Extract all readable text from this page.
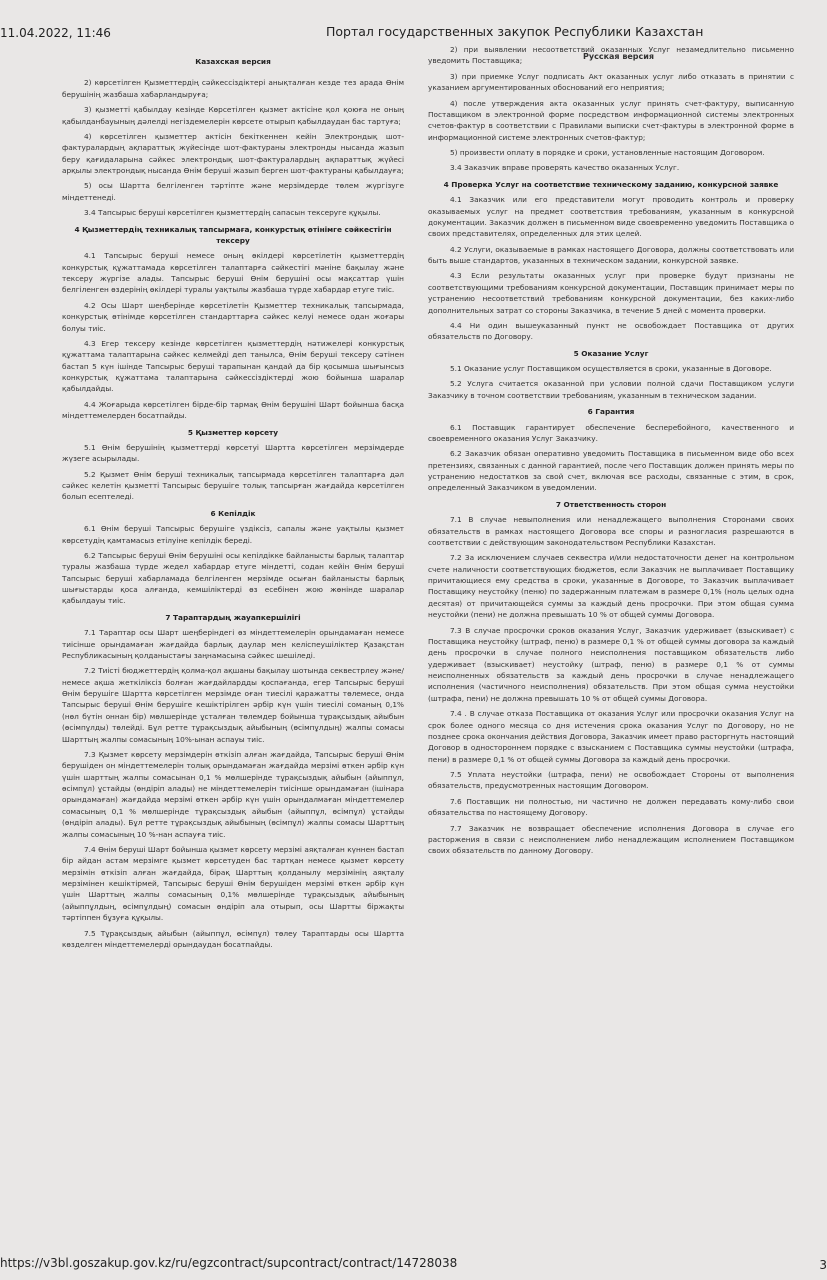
11.04.2022, 11:46	Портал государственных закупок Республики Казахстан
Казахская версия

2) көрсетілген Қызметтердің сәйкессіздіктері анықталған кезде тез арада Өнім берушінің жазбаша хабарландыруға;

3) қызметті қабылдау кезінде Көрсетілген қызмет актісіне қол қоюға не оның қабылданбауының дәлелді негіздемелерін көрсете отырып қабылдаудан бас тартуға;

4) көрсетілген қызметтер актісін бекіткеннен кейін Электрондық шот-фактуралардың ақпараттық жүйесінде шот-фактураны электронды нысанда жазып беру қағидаларына сәйкес электрондық шот-фактуралардың ақпараттық жүйесі арқылы электрондық нысанда Өнім беруші жазып берген шот-фактураны қабылдауға;

5) осы Шартта белгіленген тәртіпте және мерзімдерде төлем жүргізуге міндеттенеді.

3.4 Тапсырыс беруші көрсетілген қызметтердің сапасын тексеруге құқылы.

4 Қызметтердің техникалық тапсырмаға, конкурстық өтінімге сәйкестігін тексеру

4.1 Тапсырыс беруші немесе оның өкілдері көрсетілетін қызметтердің конкурстық құжаттамада көрсетілген талаптарға сәйкестігі мәніне бақылау және тексеру жүргізе алады. Тапсырыс беруші Өнім берушіні осы мақсаттар үшін белгіленген өздерінің өкілдері туралы уақтылы жазбаша түрде хабардар етуге тиіс.

4.2 Осы Шарт шеңберінде көрсетілетін Қызметтер техникалық тапсырмада, конкурстық өтінімде көрсетілген стандарттарға сәйкес келуі немесе одан жоғары болуы тиіс.

4.3 Егер тексеру кезінде көрсетілген қызметтердің нәтижелері конкурстық құжаттама талаптарына сәйкес келмейді деп танылса, Өнім беруші тексеру сәтінен бастап 5 күн ішінде Тапсырыс беруші тарапынан қандай да бір қосымша шығынсыз конкурстық құжаттама талаптарына сәйкессіздіктерді жою бойынша шаралар қабылдайды.

4.4 Жоғарыда көрсетілген бірде-бір тармақ Өнім берушіні Шарт бойынша басқа міндеттемелерден босатпайды.

5 Қызметтер көрсету

5.1 Өнім берушінің қызметтерді көрсетуі Шартта көрсетілген мерзімдерде жүзеге асырылады.

5.2 Қызмет Өнім беруші техникалық тапсырмада көрсетілген талаптарға дәл сәйкес келетін қызметті Тапсырыс берушіге толық тапсырған жағдайда көрсетілген болып есептеледі.

6 Кепілдік

6.1 Өнім беруші Тапсырыс берушіге үздіксіз, сапалы және уақтылы қызмет көрсетудің қамтамасыз етілуіне кепілдік береді.

6.2 Тапсырыс беруші Өнім берушіні осы кепілдікке байланысты барлық талаптар туралы жазбаша түрде жедел хабардар етуге міндетті, содан кейін Өнім беруші Тапсырыс беруші хабарламада белгіленген мерзімде осыған байланысты барлық шығыстарды қоса алғанда, кемшіліктерді өз есебінен жою жөнінде шаралар қабылдауы тиіс.

7 Тараптардың жауапкершілігі

7.1 Тараптар осы Шарт шеңберіндегі өз міндеттемелерін орындамаған немесе тиісінше орындамаған жағдайда барлық даулар мен келіспеушіліктер Қазақстан Республикасының қолданыстағы заңнамасына сәйкес шешіледі.

7.2 Тиісті бюджеттердің қолма-қол ақшаны бақылау шотында секвестрлеу және/немесе ақша жеткіліксіз болған жағдайлардды қоспағанда, егер Тапсырыс беруші Өнім берушіге Шартта көрсетілген мерзімде оған тиесілі қаражатты төлемесе, онда Тапсырыс беруші Өнім берушіге кешіктірілген әрбір күн үшін тиесілі соманың 0,1% (нөл бүтін оннан бір) мөлшерінде ұсталған төлемдер бойынша тұрақсыздық айыбын (өсімпұлды) төлейді. Бұл ретте тұрақсыздық айыбының (өсімпұлдың) жалпы сомасы Шарттың жалпы сомасының 10%-ынан аспауы тиіс.

7.3 Қызмет көрсету мерзімдерін өткізіп алған жағдайда, Тапсырыс беруші Өнім берушіден он міндеттемелерін толық орындамаған жағдайда мерзімі өткен әрбір күн үшін шарттың жалпы сомасынан 0,1 % мөлшерінде тұрақсыздық айыбын (айыппұл, өсімпұл) ұстайды (өндіріп алады) не міндеттемелерін тиісінше орындамаған (ішінара орындамаған) жағдайда мерзімі өткен әрбір күн үшін орындалмаған міндеттемелер сомасының 0,1 % мөлшерінде тұрақсыздық айыбын (айыппұл, өсімпұл) ұстайды (өндіріп алады). Бұл ретте тұрақсыздық айыбының (өсімпұл) жалпы сомасы Шарттың жалпы сомасының 10 %-нан аспауға тиіс.

7.4 Өнім беруші Шарт бойынша қызмет көрсету мерзімі аяқталған күннен бастап бір айдан астам мерзімге қызмет көрсетуден бас тартқан немесе қызмет көрсету мерзімін өткізіп алған жағдайда, бірақ Шарттың қолданылу мерзімінің аяқталу мерзімінен кешіктірмей, Тапсырыс беруші Өнім берушіден мерзімі өткен әрбір күн үшін Шарттың жалпы сомасының 0,1% мөлшерінде тұрақсыздық айыбының (айыппұлдың, өсімпұлдың) сомасын өндіріп ала отырып, осы Шартты біржақты тәртіппен бұзуға құқылы.

7.5 Тұрақсыздық айыбын (айыппұл, өсімпұл) төлеу Тараптарды осы Шартта көзделген міндеттемелерді орындаудан босатпайды.

Русская версия

2) при выявлении несоответствий оказанных Услуг незамедлительно письменно уведомить Поставщика;

3) при приемке Услуг подписать Акт оказанных услуг либо отказать в принятии с указанием аргументированных обоснований его неприятия;

4) после утверждения акта оказанных услуг принять счет-фактуру, выписанную Поставщиком в электронной форме посредством информационной системы электронных счетов-фактур в соответствии с Правилами выписки счет-фактуры в электронной форме в информационной системе электронных счетов-фактур;

5) произвести оплату в порядке и сроки, установленные настоящим Договором.

3.4 Заказчик вправе проверять качество оказанных Услуг.

4 Проверка Услуг на соответствие техническому заданию, конкурсной заявке

4.1 Заказчик или его представители могут проводить контроль и проверку оказываемых услуг на предмет соответствия требованиям, указанным в конкурсной документации. Заказчик должен в письменном виде своевременно уведомить Поставщика о своих представителях, определенных для этих целей.

4.2 Услуги, оказываемые в рамках настоящего Договора, должны соответствовать или быть выше стандартов, указанных в техническом задании, конкурсной заявке.

4.3 Если результаты оказанных услуг при проверке будут признаны не соответствующими требованиям конкурсной документации, Поставщик принимает меры по устранению несоответствий требованиям конкурсной документации, без каких-либо дополнительных затрат со стороны Заказчика, в течение 5 дней с момента проверки.

4.4 Ни один вышеуказанный пункт не освобождает Поставщика от других обязательств по Договору.

5 Оказание Услуг

5.1 Оказание услуг Поставщиком осуществляется в сроки, указанные в Договоре.

5.2 Услуга считается оказанной при условии полной сдачи Поставщиком услуги Заказчику в точном соответствии требованиям, указанным в техническом задании.

6 Гарантия

6.1 Поставщик гарантирует обеспечение бесперебойного, качественного и своевременного оказания Услуг Заказчику.

6.2 Заказчик обязан оперативно уведомить Поставщика в письменном виде обо всех претензиях, связанных с данной гарантией, после чего Поставщик должен принять меры по устранению недостатков за свой счет, включая все расходы, связанные с этим, в срок, определенный Заказчиком в уведомлении.

7 Ответственность сторон

7.1 В случае невыполнения или ненадлежащего выполнения Сторонами своих обязательств в рамках настоящего Договора все споры и разногласия разрешаются в соответствии с действующим законодательством Республики Казахстан.

7.2 За исключением случаев секвестра и/или недостаточности денег на контрольном счете наличности соответствующих бюджетов, если Заказчик не выплачивает Поставщику причитающиеся ему средства в сроки, указанные в Договоре, то Заказчик выплачивает Поставщику неустойку (пеню) по задержанным платежам в размере 0,1% (ноль целых одна десятая) от причитающейся суммы за каждый день просрочки. При этом общая сумма неустойки (пени) не должна превышать 10 % от общей суммы Договора.

7.3 В случае просрочки сроков оказания Услуг, Заказчик удерживает (взыскивает) с Поставщика неустойку (штраф, пеню) в размере 0,1 % от общей суммы договора за каждый день просрочки в случае полного неисполнения поставщиком обязательств либо удерживает (взыскивает) неустойку (штраф, пеню) в размере 0,1 % от суммы неисполненных обязательств за каждый день просрочки в случае ненадлежащего исполнения (частичного неисполнения) обязательств. При этом общая сумма неустойки (штрафа, пени) не должна превышать 10 % от общей суммы Договора.

7.4 . В случае отказа Поставщика от оказания Услуг или просрочки оказания Услуг на срок более одного месяца со дня истечения срока оказания Услуг по Договору, но не позднее срока окончания действия Договора, Заказчик имеет право расторгнуть настоящий Договор в одностороннем порядке с взысканием с Поставщика суммы неустойки (штрафа, пени) в размере 0,1 % от общей суммы Договора за каждый день просрочки.

7.5 Уплата неустойки (штрафа, пени) не освобождает Стороны от выполнения обязательств, предусмотренных настоящим Договором.

7.6 Поставщик ни полностью, ни частично не должен передавать кому-либо свои обязательства по настоящему Договору.

7.7 Заказчик не возвращает обеспечение исполнения Договора в случае его расторжения в связи с неисполнением либо ненадлежащим исполнением Поставщиком своих обязательств по данному Договору.

https://v3bl.goszakup.gov.kz/ru/egzcontract/supcontract/contract/14728038	3
